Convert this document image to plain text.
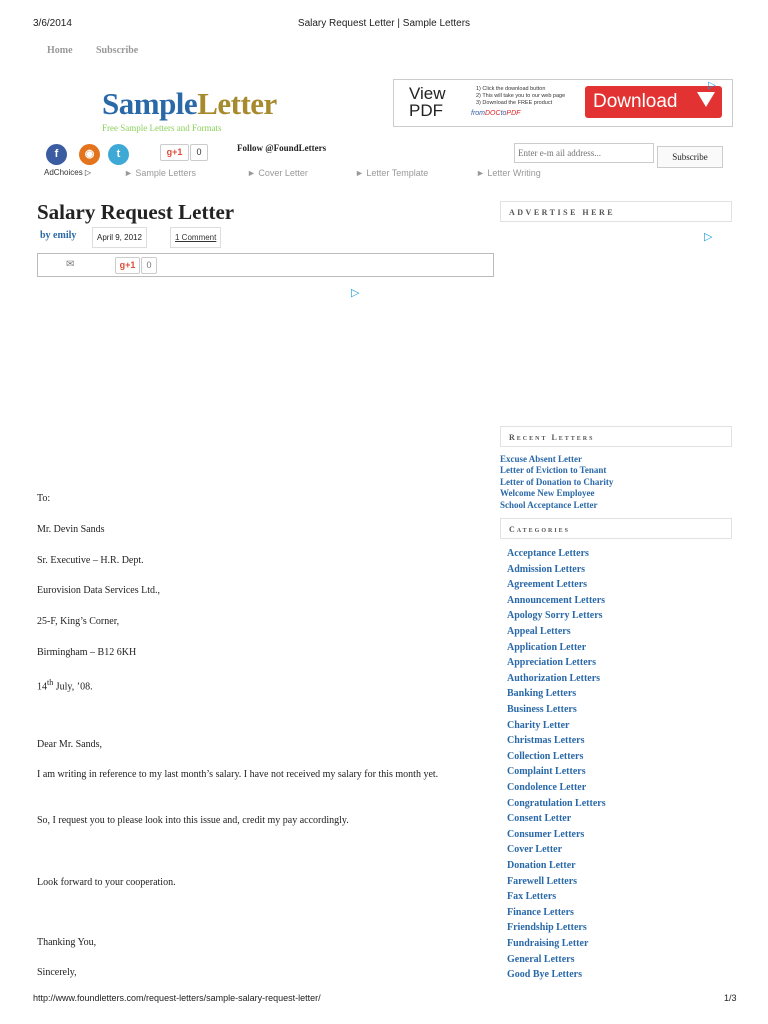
3/6/2014	Salary Request Letter | Sample Letters
Home Subscribe
SampleLetter
Free Sample Letters and Formats
View
PDF
1) Click the download button
2) This will take you to our web page
3) Download the FREE product
fromDOCtoPDF
Download
▷
f	◉	t	g+1	0	Follow @FoundLetters
Enter e-m ail address...
Subscribe
AdChoices ▷	► Sample Letters	► Cover Letter	► Letter Template	► Letter Writing
Salary Request Letter
by emily	April 9, 2012	1 Comment
✉	g+1	0
▷
To:
Mr. Devin Sands
Sr. Executive – H.R. Dept.
Eurovision Data Services Ltd.,
25-F, King’s Corner,
Birmingham – B12 6KH
14th July, ’08.
Dear Mr. Sands,
I am writing in reference to my last month’s salary. I have not received my salary for this month yet.
So, I request you to please look into this issue and, credit my pay accordingly.
Look forward to your cooperation.
Thanking You,
Sincerely,
ADVERTISE HERE
▷
Recent Letters
Excuse Absent Letter
Letter of Eviction to Tenant
Letter of Donation to Charity
Welcome New Employee
School Acceptance Letter
Categories
Acceptance Letters
Admission Letters
Agreement Letters
Announcement Letters
Apology Sorry Letters
Appeal Letters
Application Letter
Appreciation Letters
Authorization Letters
Banking Letters
Business Letters
Charity Letter
Christmas Letters
Collection Letters
Complaint Letters
Condolence Letter
Congratulation Letters
Consent Letter
Consumer Letters
Cover Letter
Donation Letter
Farewell Letters
Fax Letters
Finance Letters
Friendship Letters
Fundraising Letter
General Letters
Good Bye Letters
http://www.foundletters.com/request-letters/sample-salary-request-letter/	1/3
